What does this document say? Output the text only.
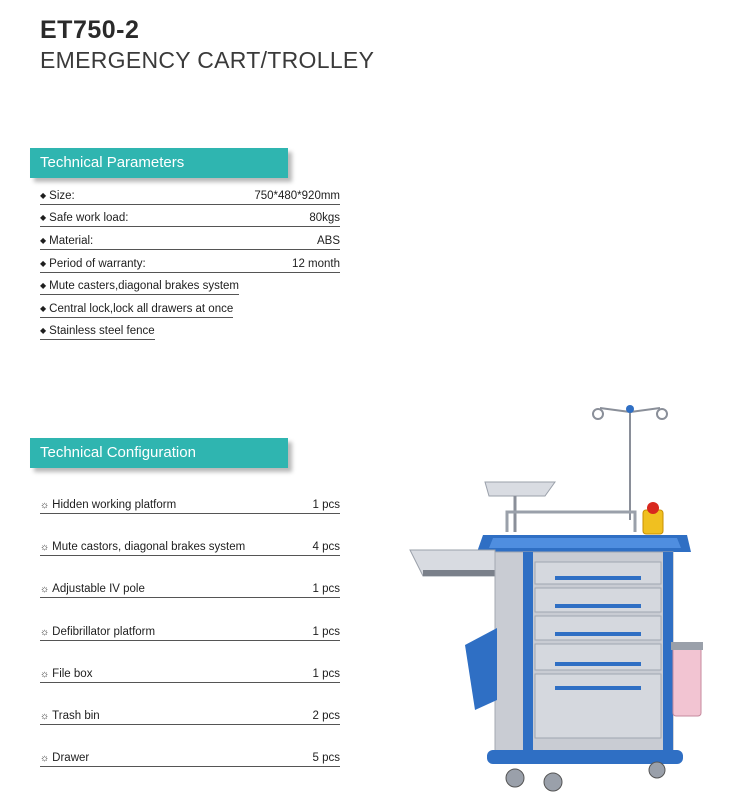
ET750-2
EMERGENCY CART/TROLLEY
Technical Parameters
◆ Size:	750*480*920mm
◆ Safe work load:	80kgs
◆ Material:	ABS
◆ Period of warranty:	12 month
◆ Mute casters,diagonal brakes system
◆ Central lock,lock all drawers at once
◆ Stainless steel fence
Technical Configuration
☼ Hidden working platform	1 pcs
☼ Mute castors, diagonal brakes system	4 pcs
☼ Adjustable IV pole	1 pcs
☼ Defibrillator platform	1 pcs
☼ File box	1 pcs
☼ Trash bin	2 pcs
☼ Drawer	5 pcs
